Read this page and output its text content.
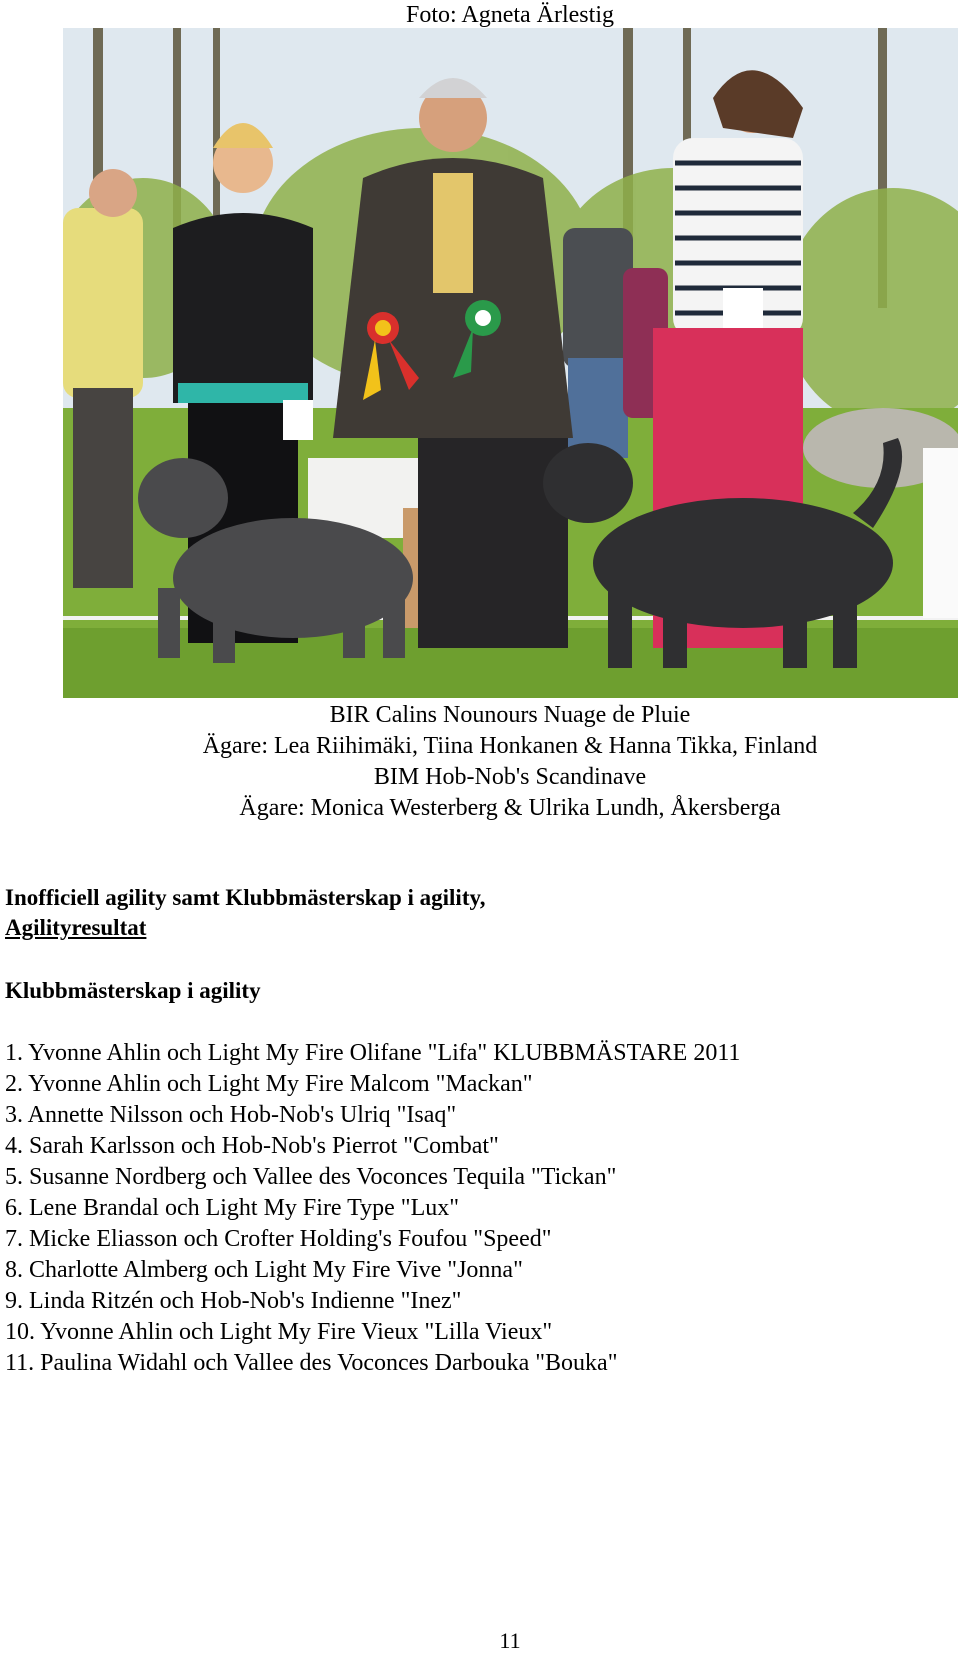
Foto: Agneta Ärlestig
BIR Calins Nounours Nuage de Pluie
Ägare: Lea Riihimäki, Tiina Honkanen & Hanna Tikka, Finland
BIM Hob-Nob's Scandinave
Ägare: Monica Westerberg & Ulrika Lundh, Åkersberga
Inofficiell agility samt Klubbmästerskap i agility,
Agilityresultat
Klubbmästerskap i agility
1. Yvonne Ahlin och Light My Fire Olifane "Lifa" KLUBBMÄSTARE 2011
2. Yvonne Ahlin och Light My Fire Malcom "Mackan"
3. Annette Nilsson och Hob-Nob's Ulriq "Isaq"
4. Sarah Karlsson och Hob-Nob's Pierrot "Combat"
5. Susanne Nordberg och Vallee des Voconces Tequila "Tickan"
6. Lene Brandal och Light My Fire Type "Lux"
7. Micke Eliasson och Crofter Holding's Foufou "Speed"
8. Charlotte Almberg och Light My Fire Vive "Jonna"
9. Linda Ritzén och Hob-Nob's Indienne "Inez"
10. Yvonne Ahlin och Light My Fire Vieux "Lilla Vieux"
11. Paulina Widahl och Vallee des Voconces Darbouka "Bouka"
11
